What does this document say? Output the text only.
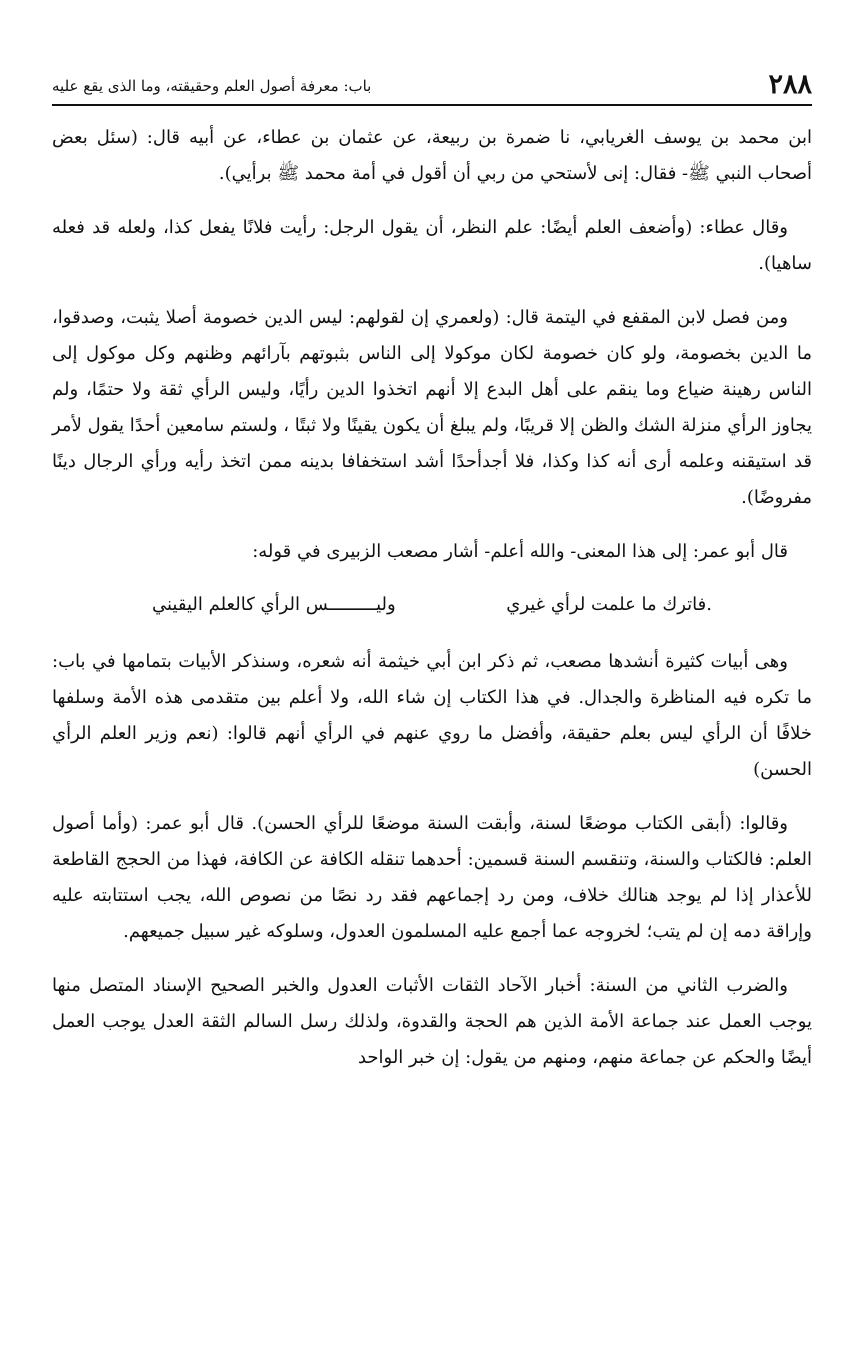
٢٨٨
باب: معرفة أصول العلم وحقيقته، وما الذى يقع عليه

ابن محمد بن يوسف الغريابي، نا ضمرة بن ربيعة، عن عثمان بن عطاء، عن أبيه قال: (سئل بعض أصحاب النبي ﷺ- فقال: إنى لأستحي من ربي أن أقول في أمة محمد ﷺ برأيي).

وقال عطاء: (وأضعف العلم أيضًا: علم النظر، أن يقول الرجل: رأيت فلانًا يفعل كذا، ولعله قد فعله ساهيا).

ومن فصل لابن المقفع في اليتمة قال: (ولعمري إن لقولهم: ليس الدين خصومة أصلا يثبت، وصدقوا، ما الدين بخصومة، ولو كان خصومة لكان موكولا إلى الناس بثبوتهم بآرائهم وظنهم وكل موكول إلى الناس رهينة ضياع وما ينقم على أهل البدع إلا أنهم اتخذوا الدين رأيًا، وليس الرأي ثقة ولا حتمًا، ولم يجاوز الرأي منزلة الشك والظن إلا قريبًا، ولم يبلغ أن يكون يقينًا ولا ثبتًا ، ولستم سامعين أحدًا يقول لأمر قد استيقنه وعلمه أرى أنه كذا وكذا، فلا أجدأحدًا أشد استخفافا بدينه ممن اتخذ رأيه ورأي الرجال دينًا مفروضًا).

قال أبو عمر: إلى هذا المعنى- والله أعلم- أشار مصعب الزبيرى في قوله:

.فاترك ما علمت لرأي غيري
وليـــــــــس الرأي كالعلم اليقيني

وهى أبيات كثيرة أنشدها مصعب، ثم ذكر ابن أبي خيثمة أنه شعره، وسنذكر الأبيات بتمامها في باب: ما تكره فيه المناظرة والجدال. في هذا الكتاب إن شاء الله، ولا أعلم بين متقدمى هذه الأمة وسلفها خلافًا أن الرأي ليس بعلم حقيقة، وأفضل ما روي عنهم في الرأي أنهم قالوا: (نعم وزير العلم الرأي الحسن)

وقالوا: (أبقى الكتاب موضعًا لسنة، وأبقت السنة موضعًا للرأي الحسن). قال أبو عمر: (وأما أصول العلم: فالكتاب والسنة، وتنقسم السنة قسمين: أحدهما تنقله الكافة عن الكافة، فهذا من الحجج القاطعة للأعذار إذا لم يوجد هنالك خلاف، ومن رد إجماعهم فقد رد نصًا من نصوص الله، يجب استتابته عليه وإراقة دمه إن لم يتب؛ لخروجه عما أجمع عليه المسلمون العدول، وسلوكه غير سبيل جميعهم.

والضرب الثاني من السنة: أخبار الآحاد الثقات الأثبات العدول والخبر الصحيح الإسناد المتصل منها يوجب العمل عند جماعة الأمة الذين هم الحجة والقدوة، ولذلك رسل السالم الثقة العدل يوجب العمل أيضًا والحكم عن جماعة منهم، ومنهم من يقول: إن خبر الواحد
